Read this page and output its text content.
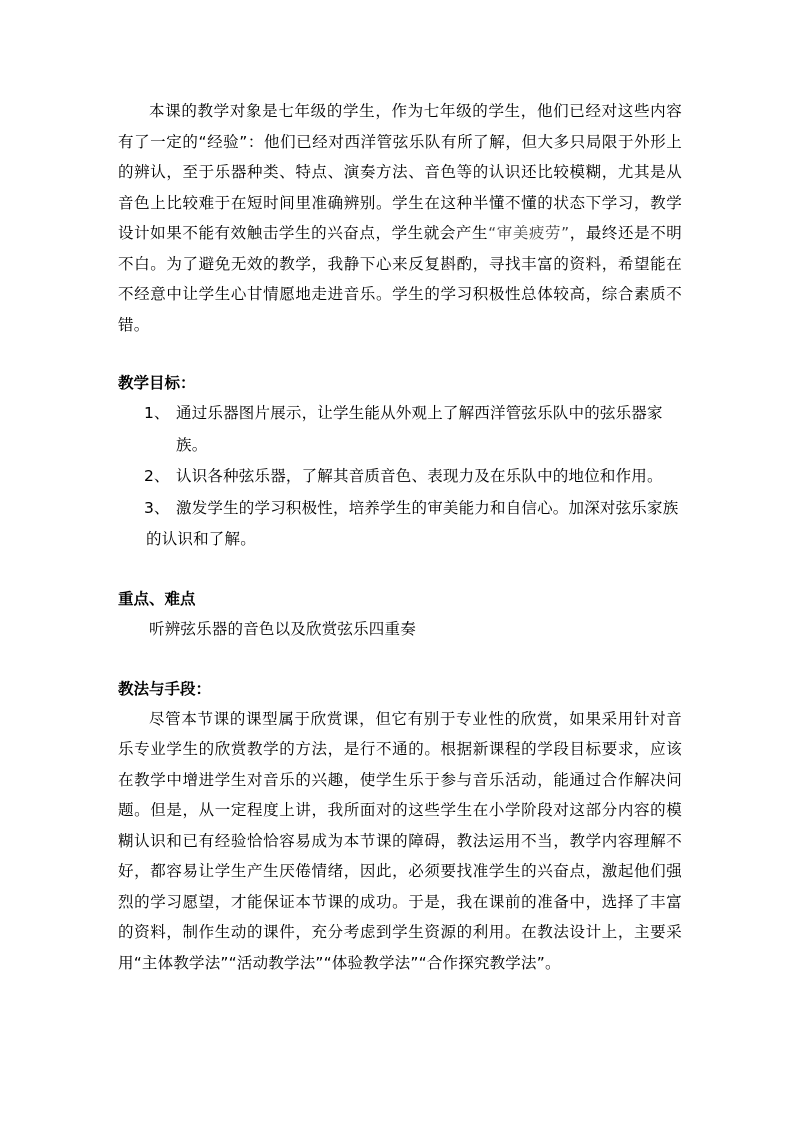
本课的教学对象是七年级的学生，作为七年级的学生，他们已经对这些内容有了一定的“经验”：他们已经对西洋管弦乐队有所了解，但大多只局限于外形上的辨认，至于乐器种类、特点、演奏方法、音色等的认识还比较模糊，尤其是从音色上比较难于在短时间里准确辨别。学生在这种半懂不懂的状态下学习，教学设计如果不能有效触击学生的兴奋点，学生就会产生“审美疲劳”，最终还是不明不白。为了避免无效的教学，我静下心来反复斟酌，寻找丰富的资料，希望能在不经意中让学生心甘情愿地走进音乐。学生的学习积极性总体较高，综合素质不错。

教学目标：

1、 通过乐器图片展示，让学生能从外观上了解西洋管弦乐队中的弦乐器家族。
2、 认识各种弦乐器，了解其音质音色、表现力及在乐队中的地位和作用。
3、 激发学生的学习积极性，培养学生的审美能力和自信心。加深对弦乐家族的认识和了解。

重点、难点

听辨弦乐器的音色以及欣赏弦乐四重奏

教法与手段：

尽管本节课的课型属于欣赏课，但它有别于专业性的欣赏，如果采用针对音乐专业学生的欣赏教学的方法，是行不通的。根据新课程的学段目标要求，应该在教学中增进学生对音乐的兴趣，使学生乐于参与音乐活动，能通过合作解决问题。但是，从一定程度上讲，我所面对的这些学生在小学阶段对这部分内容的模糊认识和已有经验恰恰容易成为本节课的障碍，教法运用不当，教学内容理解不好，都容易让学生产生厌倦情绪，因此，必须要找准学生的兴奋点，激起他们强烈的学习愿望，才能保证本节课的成功。于是，我在课前的准备中，选择了丰富的资料，制作生动的课件，充分考虑到学生资源的利用。在教法设计上，主要采用“主体教学法”“活动教学法”“体验教学法”“合作探究教学法”。
